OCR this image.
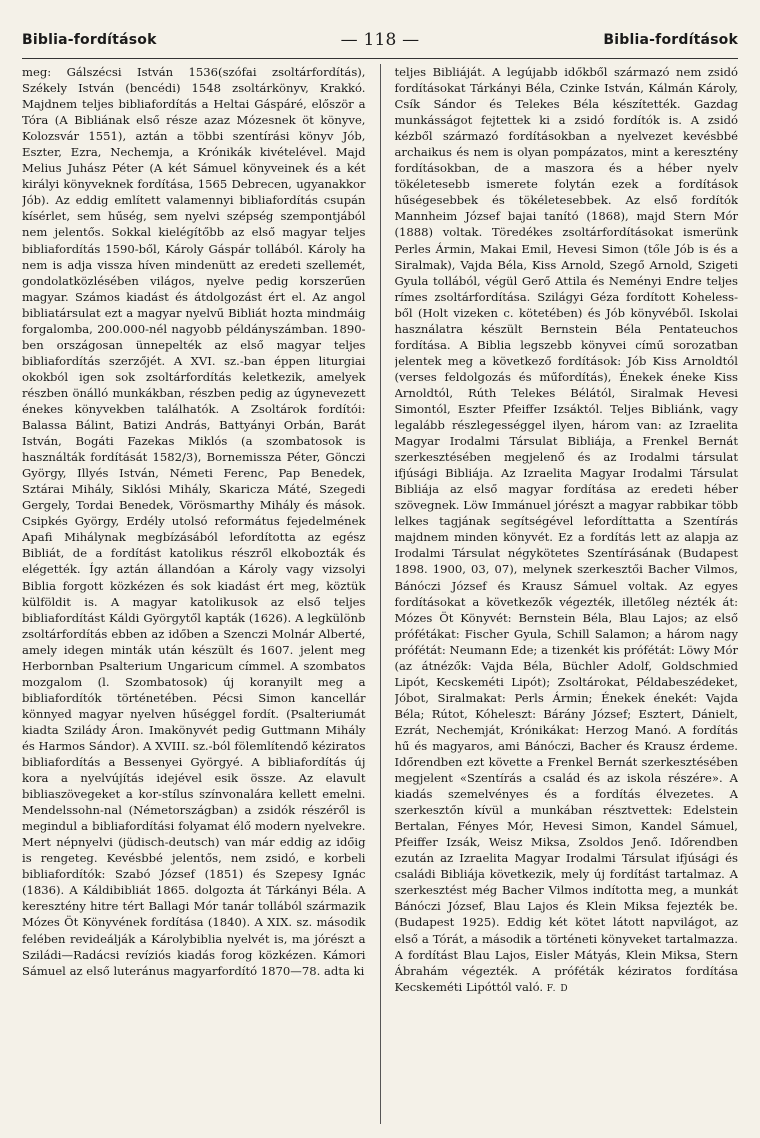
Biblia-fordítások	— 118 —	Biblia-fordítások

meg: Gálszécsi István 1536(szófai zsoltárfordítás), Székely István (bencédi) 1548 zsoltárkönyv, Krakkó. Majdnem teljes bibliafordítás a Heltai Gáspáré, először a Tóra (A Bibliának első része azaz Mózesnek öt könyve, Kolozsvár 1551), aztán a többi szentírási könyv Jób, Eszter, Ezra, Nechemja, a Krónikák kivételével. Majd Melius Juhász Péter (A két Sámuel könyveinek és a két királyi könyveknek fordítása, 1565 Debrecen, ugyanakkor Jób). Az eddig említett valamennyi bibliafordítás csupán kísérlet, sem hűség, sem nyelvi szépség szempontjából nem jelentős. Sokkal kielégítőbb az első magyar teljes bibliafordítás 1590-ből, Károly Gáspár tollából. Károly ha nem is adja vissza híven mindenütt az eredeti szellemét, gondolatközlésében világos, nyelve pedig korszerűen magyar. Számos kiadást és átdolgozást ért el. Az angol bibliatársulat ezt a magyar nyelvű Bibliát hozta mindmáig forgalomba, 200.000-nél nagyobb példányszámban. 1890-ben országosan ünnepelték az első magyar teljes bibliafordítás szerzőjét. A XVI. sz.-ban éppen liturgiai okokból igen sok zsoltárfordítás keletkezik, amelyek részben önálló munkákban, részben pedig az úgynevezett énekes könyvekben találhatók. A Zsoltárok fordítói: Balassa Bálint, Batizi András, Battyányi Orbán, Barát István, Bogáti Fazekas Miklós (a szombatosok is használták fordítását 1582/3), Bornemissza Péter, Gönczi György, Illyés István, Németi Ferenc, Pap Benedek, Sztárai Mihály, Siklósi Mihály, Skaricza Máté, Szegedi Gergely, Tordai Benedek, Vörösmarthy Mihály és mások. Csipkés György, Erdély utolsó református fejedelmének Apafi Mihálynak megbízásából lefordította az egész Bibliát, de a fordítást katolikus részről elkobozták és elégették. Így aztán állandóan a Károly vagy vizsolyi Biblia forgott közkézen és sok kiadást ért meg, köztük külföldit is. A magyar katolikusok az első teljes bibliafordítást Káldi Györgytől kapták (1626). A legkülönb zsoltárfordítás ebben az időben a Szenczi Molnár Alberté, amely idegen minták után készült és 1607. jelent meg Herbornban Psalterium Ungaricum címmel. A szombatos mozgalom (l. Szombatosok) új koranyilt meg a bibliafordítók történetében. Pécsi Simon kancellár könnyed magyar nyelven hűséggel fordít. (Psalteriumát kiadta Szilády Áron. Imakönyvét pedig Guttmann Mihály és Harmos Sándor). A XVIII. sz.-ból fölemlítendő kéziratos bibliafordítás a Bessenyei Györgyé. A bibliafordítás új kora a nyelvújítás idejével esik össze. Az elavult bibliaszövegeket a kor-stílus színvonalára kellett emelni. Mendelssohn-nal (Németországban) a zsidók részéről is megindul a bibliafordítási folyamat élő modern nyelvekre. Mert népnyelvi (jüdisch-deutsch) van már eddig az időig is rengeteg. Kevésbbé jelentős, nem zsidó, e korbeli bibliafordítók: Szabó József (1851) és Szepesy Ignác (1836). A Káldibibliát 1865. dolgozta át Tárkányi Béla. A keresztény hitre tért Ballagi Mór tanár tollából származik Mózes Öt Könyvének fordítása (1840). A XIX. sz. második felében revideálják a Károlybiblia nyelvét is, ma jórészt a Sziládi—Radácsi revíziós kiadás forog közkézen. Kámori Sámuel az első luteránus magyarfordító 1870—78. adta ki

teljes Bibliáját. A legújabb időkből származó nem zsidó fordításokat Tárkányi Béla, Czinke István, Kálmán Károly, Csík Sándor és Telekes Béla készítették. Gazdag munkásságot fejtettek ki a zsidó fordítók is. A zsidó kézből származó fordításokban a nyelvezet kevésbbé archaikus és nem is olyan pompázatos, mint a keresztény fordításokban, de a maszora és a héber nyelv tökéletesebb ismerete folytán ezek a fordítások hűségesebbek és tökéletesebbek. Az első fordítók Mannheim József bajai tanító (1868), majd Stern Mór (1888) voltak. Töredékes zsoltárfordításokat ismerünk Perles Ármin, Makai Emil, Hevesi Simon (tőle Jób is és a Siralmak), Vajda Béla, Kiss Arnold, Szegő Arnold, Szigeti Gyula tollából, végül Gerő Attila és Neményi Endre teljes rímes zsoltárfordítása. Szilágyi Géza fordított Koheless-ből (Holt vizeken c. kötetében) és Jób könyvéből. Iskolai használatra készült Bernstein Béla Pentateuchos fordítása. A Biblia legszebb könyvei című sorozatban jelentek meg a következő fordítások: Jób Kiss Arnoldtól (verses feldolgozás és műfordítás), Énekek éneke Kiss Arnoldtól, Rúth Telekes Bélától, Siralmak Hevesi Simontól, Eszter Pfeiffer Izsáktól. Teljes Bibliánk, vagy legalább részlegességgel ilyen, három van: az Izraelita Magyar Irodalmi Társulat Bibliája, a Frenkel Bernát szerkesztésében megjelenő és az Irodalmi társulat ifjúsági Bibliája. Az Izraelita Magyar Irodalmi Társulat Bibliája az első magyar fordítása az eredeti héber szövegnek. Löw Immánuel jórészt a magyar rabbikar több lelkes tagjának segítségével lefordíttatta a Szentírás majdnem minden könyvét. Ez a fordítás lett az alapja az Irodalmi Társulat négykötetes Szentírásának (Budapest 1898. 1900, 03, 07), melynek szerkesztői Bacher Vilmos, Bánóczi József és Krausz Sámuel voltak. Az egyes fordításokat a következők végezték, illetőleg nézték át: Mózes Öt Könyvét: Bernstein Béla, Blau Lajos; az első prófétákat: Fischer Gyula, Schill Salamon; a három nagy prófétát: Neumann Ede; a tizenkét kis prófétát: Löwy Mór (az átnézők: Vajda Béla, Büchler Adolf, Goldschmied Lipót, Kecskeméti Lipót); Zsoltárokat, Példabeszédeket, Jóbot, Siralmakat: Perls Ármin; Énekek énekét: Vajda Béla; Rútot, Kóheleszt: Bárány József; Esztert, Dánielt, Ezrát, Nechemját, Krónikákat: Herzog Manó. A fordítás hű és magyaros, ami Bánóczi, Bacher és Krausz érdeme. Időrendben ezt követte a Frenkel Bernát szerkesztésében megjelent «Szentírás a család és az iskola részére». A kiadás szemelvényes és a fordítás élvezetes. A szerkesztőn kívül a munkában résztvettek: Edelstein Bertalan, Fényes Mór, Hevesi Simon, Kandel Sámuel, Pfeiffer Izsák, Weisz Miksa, Zsoldos Jenő. Időrendben ezután az Izraelita Magyar Irodalmi Társulat ifjúsági és családi Bibliája következik, mely új fordítást tartalmaz. A szerkesztést még Bacher Vilmos indította meg, a munkát Bánóczi József, Blau Lajos és Klein Miksa fejezték be. (Budapest 1925). Eddig két kötet látott napvilágot, az első a Tórát, a második a történeti könyveket tartalmazza. A fordítást Blau Lajos, Eisler Mátyás, Klein Miksa, Stern Ábrahám végezték. A próféták kéziratos fordítása Kecskeméti Lipóttól való. F. D
